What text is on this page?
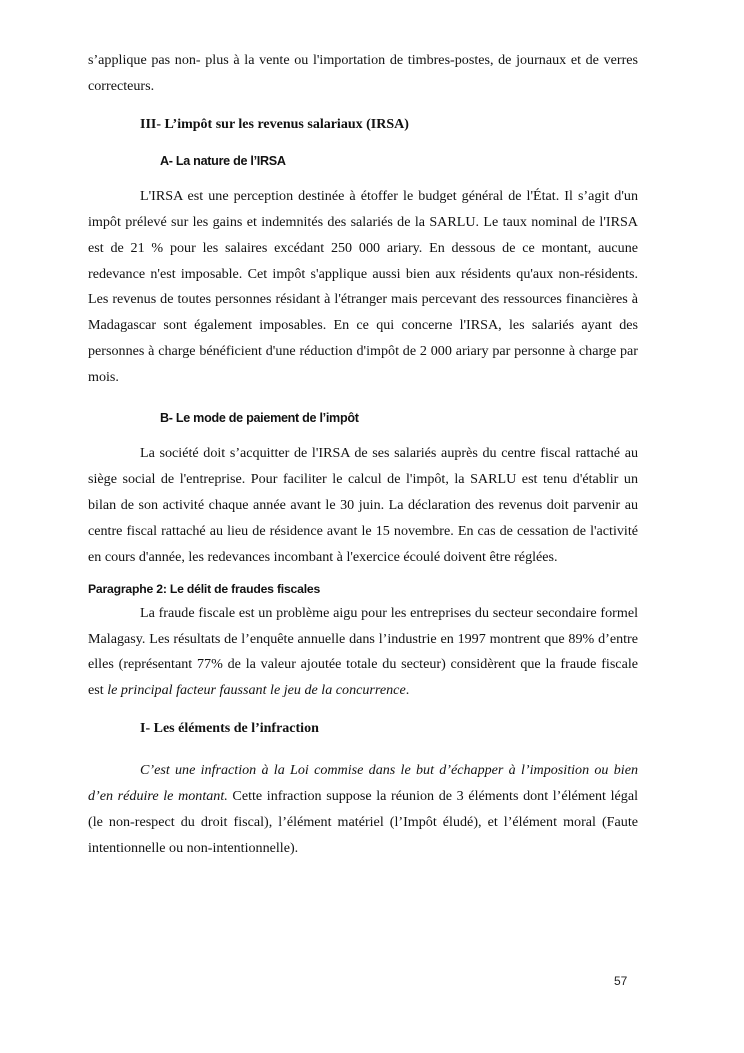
s’applique pas non- plus à la vente ou l'importation de timbres-postes, de journaux et de verres correcteurs.

III- L’impôt sur les revenus salariaux (IRSA)
A- La nature de l’IRSA

L'IRSA est une perception destinée à étoffer le budget général de l'État. Il s’agit d'un impôt prélevé sur les gains et indemnités des salariés de la SARLU. Le taux nominal de l'IRSA est de 21 % pour les salaires excédant 250 000 ariary. En dessous de ce montant, aucune redevance n'est imposable. Cet impôt s'applique aussi bien aux résidents qu'aux non-résidents. Les revenus de toutes personnes résidant à l'étranger mais percevant des ressources financières à Madagascar sont également imposables. En ce qui concerne l'IRSA, les salariés ayant des personnes à charge bénéficient d'une réduction d'impôt de 2 000 ariary par personne à charge par mois.

B- Le mode de paiement de l’impôt

La société doit s’acquitter de l'IRSA de ses salariés auprès du centre fiscal rattaché au siège social de l'entreprise. Pour faciliter le calcul de l'impôt, la SARLU est tenu d'établir un bilan de son activité chaque année avant le 30 juin. La déclaration des revenus doit parvenir au centre fiscal rattaché au lieu de résidence avant le 15 novembre. En cas de cessation de l'activité en cours d'année, les redevances incombant à l'exercice écoulé doivent être réglées.

Paragraphe 2: Le délit de fraudes fiscales

La fraude fiscale est un problème aigu pour les entreprises du secteur secondaire formel Malagasy. Les résultats de l’enquête annuelle dans l’industrie en 1997 montrent que 89% d’entre elles (représentant 77% de la valeur ajoutée totale du secteur) considèrent que la fraude fiscale est le principal facteur faussant le jeu de la concurrence.

I- Les éléments de l’infraction

C’est une infraction à la Loi commise dans le but d’échapper à l’imposition ou bien d’en réduire le montant. Cette infraction suppose la réunion de 3 éléments dont l’élément légal (le non-respect du droit fiscal), l’élément matériel (l’Impôt éludé), et l’élément moral (Faute intentionnelle ou non-intentionnelle).

57
